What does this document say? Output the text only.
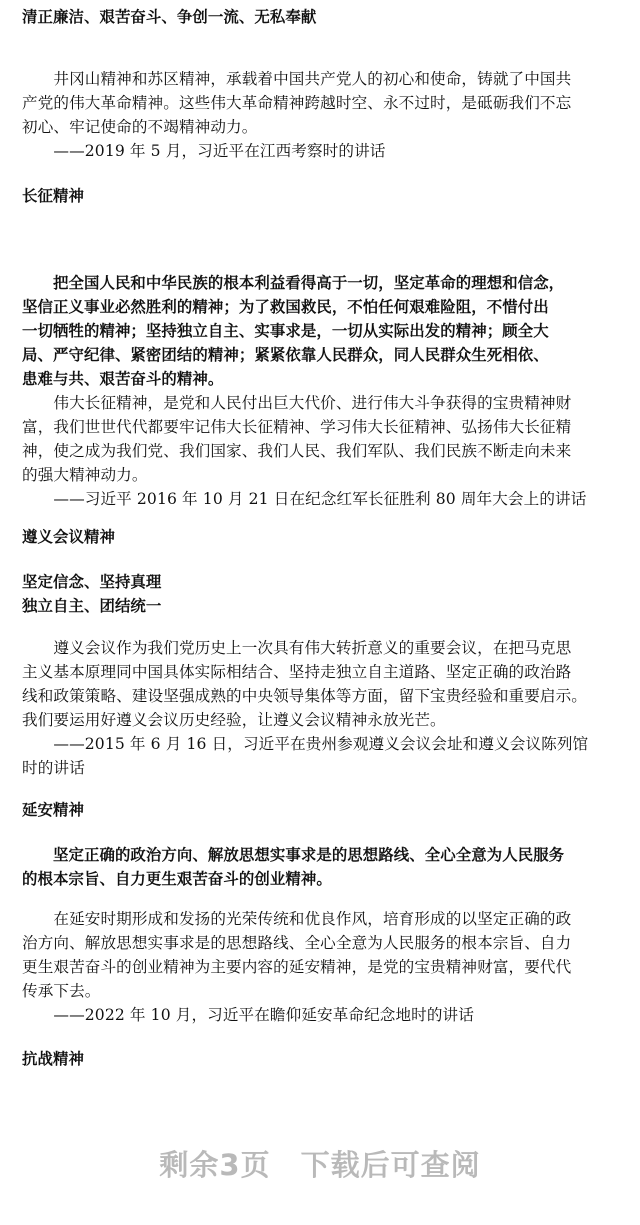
清正廉洁、艰苦奋斗、争创一流、无私奉献
　　井冈山精神和苏区精神，承载着中国共产党人的初心和使命，铸就了中国共
产党的伟大革命精神。这些伟大革命精神跨越时空、永不过时，是砥砺我们不忘
初心、牢记使命的不竭精神动力。
　　——2019 年 5 月，习近平在江西考察时的讲话
长征精神
　　把全国人民和中华民族的根本利益看得高于一切，坚定革命的理想和信念，
坚信正义事业必然胜利的精神；为了救国救民，不怕任何艰难险阻，不惜付出
一切牺牲的精神；坚持独立自主、实事求是，一切从实际出发的精神；顾全大
局、严守纪律、紧密团结的精神；紧紧依靠人民群众，同人民群众生死相依、
患难与共、艰苦奋斗的精神。
　　伟大长征精神，是党和人民付出巨大代价、进行伟大斗争获得的宝贵精神财
富，我们世世代代都要牢记伟大长征精神、学习伟大长征精神、弘扬伟大长征精
神，使之成为我们党、我们国家、我们人民、我们军队、我们民族不断走向未来
的强大精神动力。
　　——习近平 2016 年 10 月 21 日在纪念红军长征胜利 80 周年大会上的讲话
遵义会议精神
坚定信念、坚持真理
独立自主、团结统一
　　遵义会议作为我们党历史上一次具有伟大转折意义的重要会议，在把马克思
主义基本原理同中国具体实际相结合、坚持走独立自主道路、坚定正确的政治路
线和政策策略、建设坚强成熟的中央领导集体等方面，留下宝贵经验和重要启示。
我们要运用好遵义会议历史经验，让遵义会议精神永放光芒。
　　——2015 年 6 月 16 日，习近平在贵州参观遵义会议会址和遵义会议陈列馆
时的讲话
延安精神
　　坚定正确的政治方向、解放思想实事求是的思想路线、全心全意为人民服务
的根本宗旨、自力更生艰苦奋斗的创业精神。
　　在延安时期形成和发扬的光荣传统和优良作风，培育形成的以坚定正确的政
治方向、解放思想实事求是的思想路线、全心全意为人民服务的根本宗旨、自力
更生艰苦奋斗的创业精神为主要内容的延安精神，是党的宝贵精神财富，要代代
传承下去。
　　——2022 年 10 月，习近平在瞻仰延安革命纪念地时的讲话
抗战精神
剩余3页　下载后可查阅
